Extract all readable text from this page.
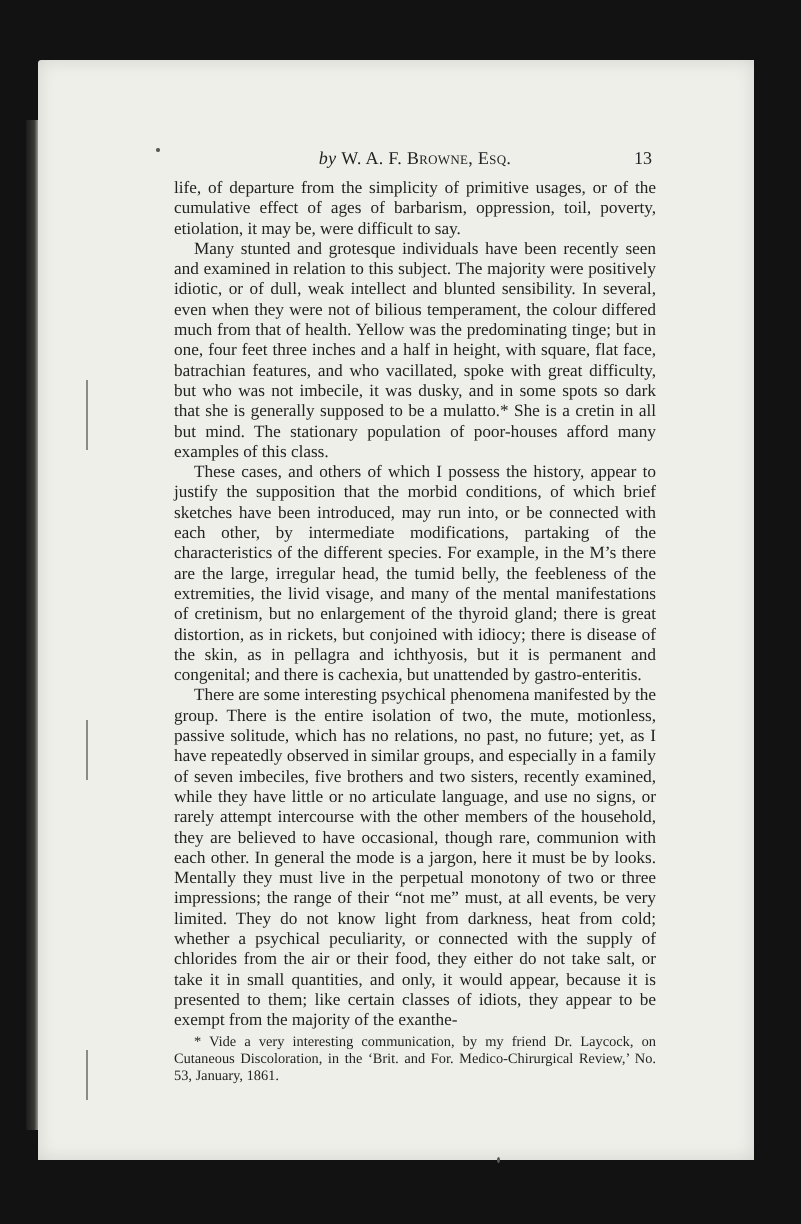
by W. A. F. Browne, Esq.	13

life, of departure from the simplicity of primitive usages, or of the cumulative effect of ages of barbarism, oppression, toil, poverty, etiolation, it may be, were difficult to say.

Many stunted and grotesque individuals have been recently seen and examined in relation to this subject. The majority were positively idiotic, or of dull, weak intellect and blunted sensibility. In several, even when they were not of bilious temperament, the colour differed much from that of health. Yellow was the predominating tinge; but in one, four feet three inches and a half in height, with square, flat face, batrachian features, and who vacillated, spoke with great difficulty, but who was not imbecile, it was dusky, and in some spots so dark that she is generally supposed to be a mulatto.* She is a cretin in all but mind. The stationary population of poor-houses afford many examples of this class.

These cases, and others of which I possess the history, appear to justify the supposition that the morbid conditions, of which brief sketches have been introduced, may run into, or be connected with each other, by intermediate modifications, partaking of the characteristics of the different species. For example, in the M’s there are the large, irregular head, the tumid belly, the feebleness of the extremities, the livid visage, and many of the mental manifestations of cretinism, but no enlargement of the thyroid gland; there is great distortion, as in rickets, but conjoined with idiocy; there is disease of the skin, as in pellagra and ichthyosis, but it is permanent and congenital; and there is cachexia, but unattended by gastro-enteritis.

There are some interesting psychical phenomena manifested by the group. There is the entire isolation of two, the mute, motionless, passive solitude, which has no relations, no past, no future; yet, as I have repeatedly observed in similar groups, and especially in a family of seven imbeciles, five brothers and two sisters, recently examined, while they have little or no articulate language, and use no signs, or rarely attempt intercourse with the other members of the household, they are believed to have occasional, though rare, communion with each other. In general the mode is a jargon, here it must be by looks. Mentally they must live in the perpetual monotony of two or three impressions; the range of their “not me” must, at all events, be very limited. They do not know light from darkness, heat from cold; whether a psychical peculiarity, or connected with the supply of chlorides from the air or their food, they either do not take salt, or take it in small quantities, and only, it would appear, because it is presented to them; like certain classes of idiots, they appear to be exempt from the majority of the exanthe-

* Vide a very interesting communication, by my friend Dr. Laycock, on Cutaneous Discoloration, in the ‘Brit. and For. Medico-Chirurgical Review,’ No. 53, January, 1861.
